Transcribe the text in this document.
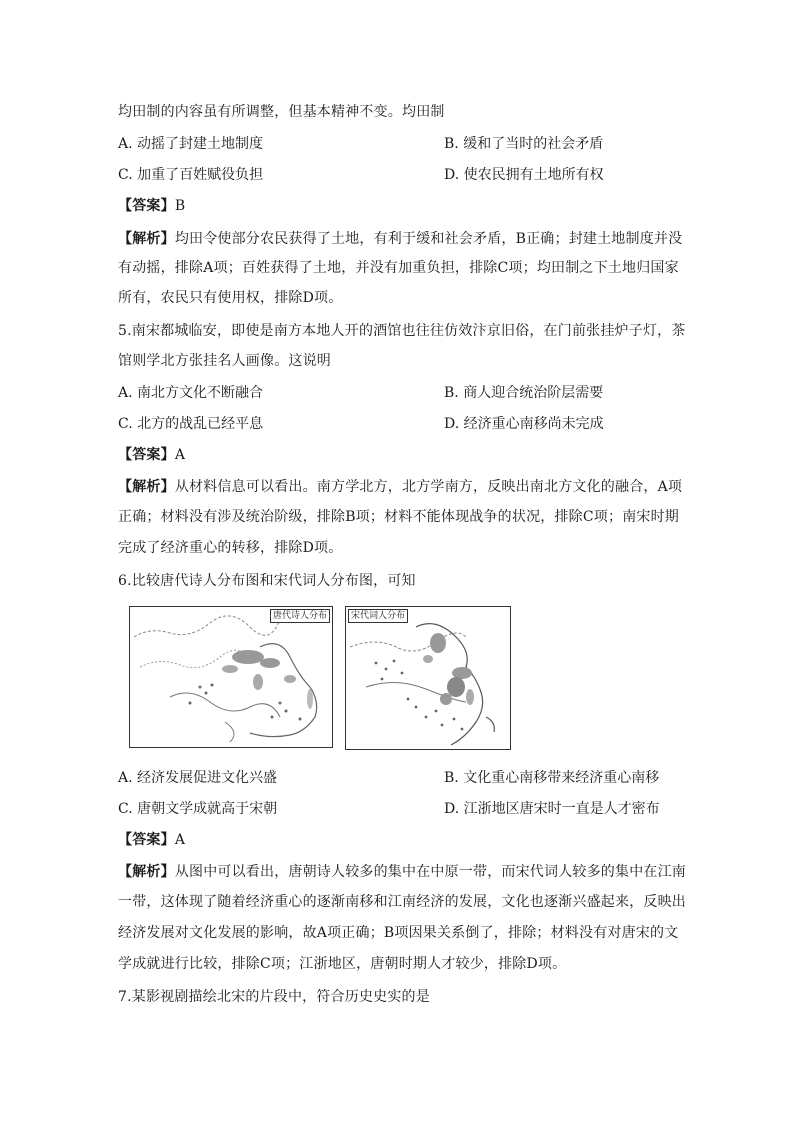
均田制的内容虽有所调整，但基本精神不变。均田制
A. 动摇了封建土地制度	B. 缓和了当时的社会矛盾
C. 加重了百姓赋役负担	D. 使农民拥有土地所有权
【答案】B
【解析】均田令使部分农民获得了土地，有利于缓和社会矛盾，B正确；封建土地制度并没
有动摇，排除A项；百姓获得了土地，并没有加重负担，排除C项；均田制之下土地归国家
所有，农民只有使用权，排除D项。
5.南宋都城临安，即使是南方本地人开的酒馆也往往仿效汴京旧俗，在门前张挂炉子灯，茶
馆则学北方张挂名人画像。这说明
A. 南北方文化不断融合	B. 商人迎合统治阶层需要
C. 北方的战乱已经平息	D. 经济重心南移尚未完成
【答案】A
【解析】从材料信息可以看出。南方学北方，北方学南方，反映出南北方文化的融合，A项
正确；材料没有涉及统治阶级，排除B项；材料不能体现战争的状况，排除C项；南宋时期
完成了经济重心的转移，排除D项。
6.比较唐代诗人分布图和宋代词人分布图，可知
唐代诗人分布	宋代词人分布
A. 经济发展促进文化兴盛	B. 文化重心南移带来经济重心南移
C. 唐朝文学成就高于宋朝	D. 江浙地区唐宋时一直是人才密布
【答案】A
【解析】从图中可以看出，唐朝诗人较多的集中在中原一带，而宋代词人较多的集中在江南
一带，这体现了随着经济重心的逐渐南移和江南经济的发展，文化也逐渐兴盛起来，反映出
经济发展对文化发展的影响，故A项正确；B项因果关系倒了，排除；材料没有对唐宋的文
学成就进行比较，排除C项；江浙地区，唐朝时期人才较少，排除D项。
7.某影视剧描绘北宋的片段中，符合历史史实的是
